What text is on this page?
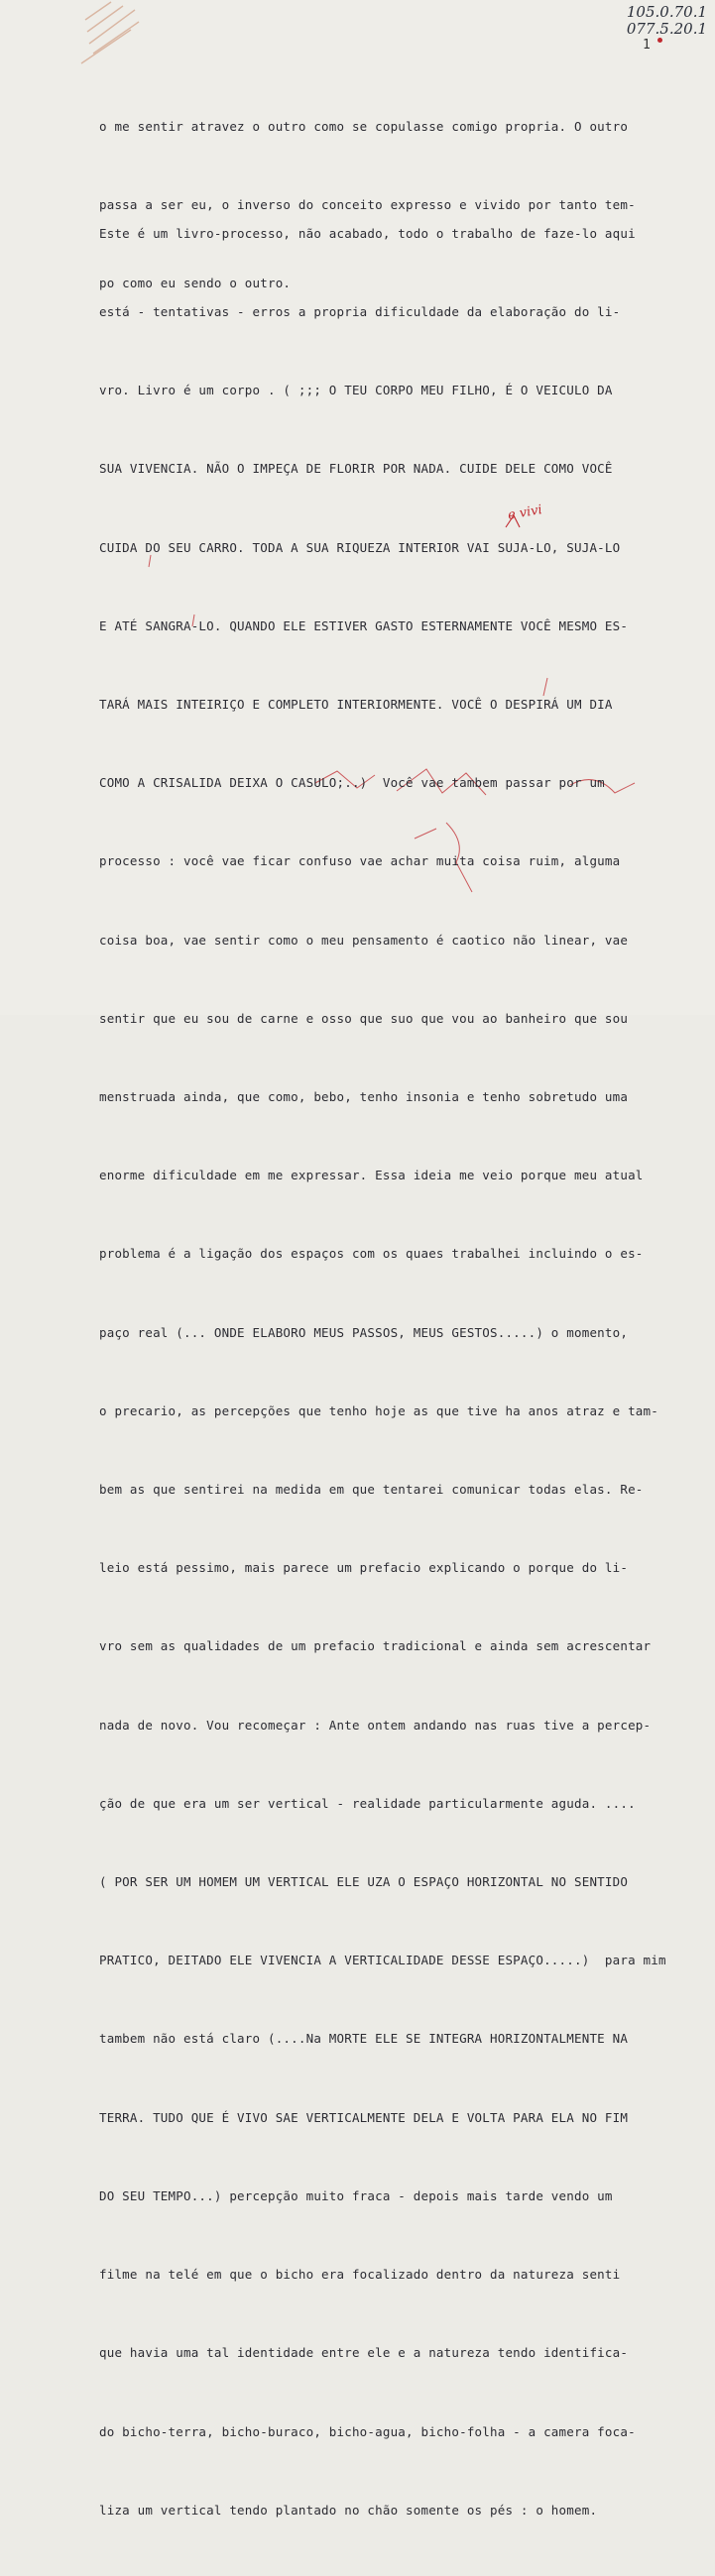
105.0.70.1
077.5.20.1
1

o me sentir atravez o outro como se copulasse comigo propria. O outro

passa a ser eu, o inverso do conceito expresso e vivido por tanto tem-

po como eu sendo o outro.

Este é um livro-processo, não acabado, todo o trabalho de faze-lo aqui

está - tentativas - erros a propria dificuldade da elaboração do li-

vro. Livro é um corpo . ( ;;; O TEU CORPO MEU FILHO, É O VEICULO DA

SUA VIVENCIA. NÃO O IMPEÇA DE FLORIR POR NADA. CUIDE DELE COMO VOCÊ

CUIDA DO SEU CARRO. TODA A SUA RIQUEZA INTERIOR VAI SUJA-LO, SUJA-LO

E ATÉ SANGRA-LO. QUANDO ELE ESTIVER GASTO ESTERNAMENTE VOCÊ MESMO ES-

TARÁ MAIS INTEIRIÇO E COMPLETO INTERIORMENTE. VOCÊ O DESPIRÁ UM DIA

COMO A CRISALIDA DEIXA O CASULO;..)  Você vae tambem passar por um

processo : você vae ficar confuso vae achar muita coisa ruim, alguma

coisa boa, vae sentir como o meu pensamento é caotico não linear, vae

sentir que eu sou de carne e osso que suo que vou ao banheiro que sou

menstruada ainda, que como, bebo, tenho insonia e tenho sobretudo uma

enorme dificuldade em me expressar. Essa ideia me veio porque meu atual

problema é a ligação dos espaços com os quaes trabalhei incluindo o es-

paço real (... ONDE ELABORO MEUS PASSOS, MEUS GESTOS.....) o momento,

o precario, as percepções que tenho hoje as que tive ha anos atraz e tam-

bem as que sentirei na medida em que tentarei comunicar todas elas. Re-

leio está pessimo, mais parece um prefacio explicando o porque do li-

vro sem as qualidades de um prefacio tradicional e ainda sem acrescentar

nada de novo. Vou recomeçar : Ante ontem andando nas ruas tive a percep-

ção de que era um ser vertical - realidade particularmente aguda. ....

( POR SER UM HOMEM UM VERTICAL ELE UZA O ESPAÇO HORIZONTAL NO SENTIDO

PRATICO, DEITADO ELE VIVENCIA A VERTICALIDADE DESSE ESPAÇO.....)  para mim

tambem não está claro (....Na MORTE ELE SE INTEGRA HORIZONTALMENTE NA

TERRA. TUDO QUE É VIVO SAE VERTICALMENTE DELA E VOLTA PARA ELA NO FIM

DO SEU TEMPO...) percepção muito fraca - depois mais tarde vendo um

filme na telé em que o bicho era focalizado dentro da natureza senti

que havia uma tal identidade entre ele e a natureza tendo identifica-

do bicho-terra, bicho-buraco, bicho-agua, bicho-folha - a camera foca-

liza um vertical tendo plantado no chão somente os pés : o homem.

e vivi
